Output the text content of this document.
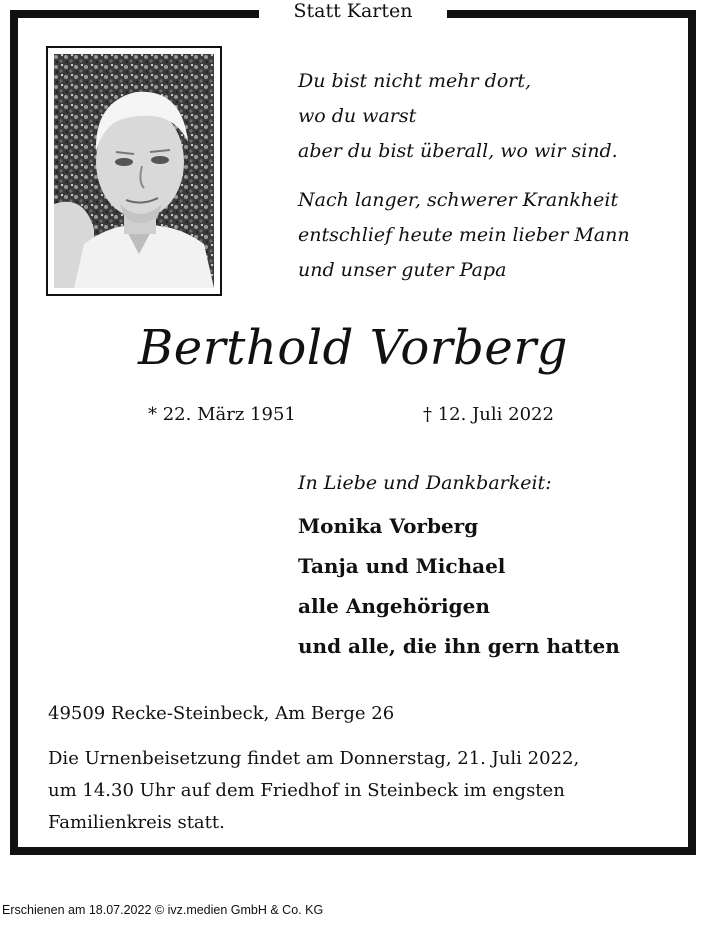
Statt Karten

Du bist nicht mehr dort,

wo du warst

aber du bist überall, wo wir sind.

Nach langer, schwerer Krankheit

entschlief heute mein lieber Mann

und unser guter Papa

Berthold Vorberg
* 22. März 1951	† 12. Juli 2022

In Liebe und Dankbarkeit:

Monika Vorberg

Tanja und Michael

alle Angehörigen

und alle, die ihn gern hatten

49509 Recke-Steinbeck, Am Berge 26

Die Urnenbeisetzung findet am Donnerstag, 21. Juli 2022,

um 14.30 Uhr auf dem Friedhof in Steinbeck im engsten

Familienkreis statt.

Erschienen am 18.07.2022 © ivz.medien GmbH & Co. KG
